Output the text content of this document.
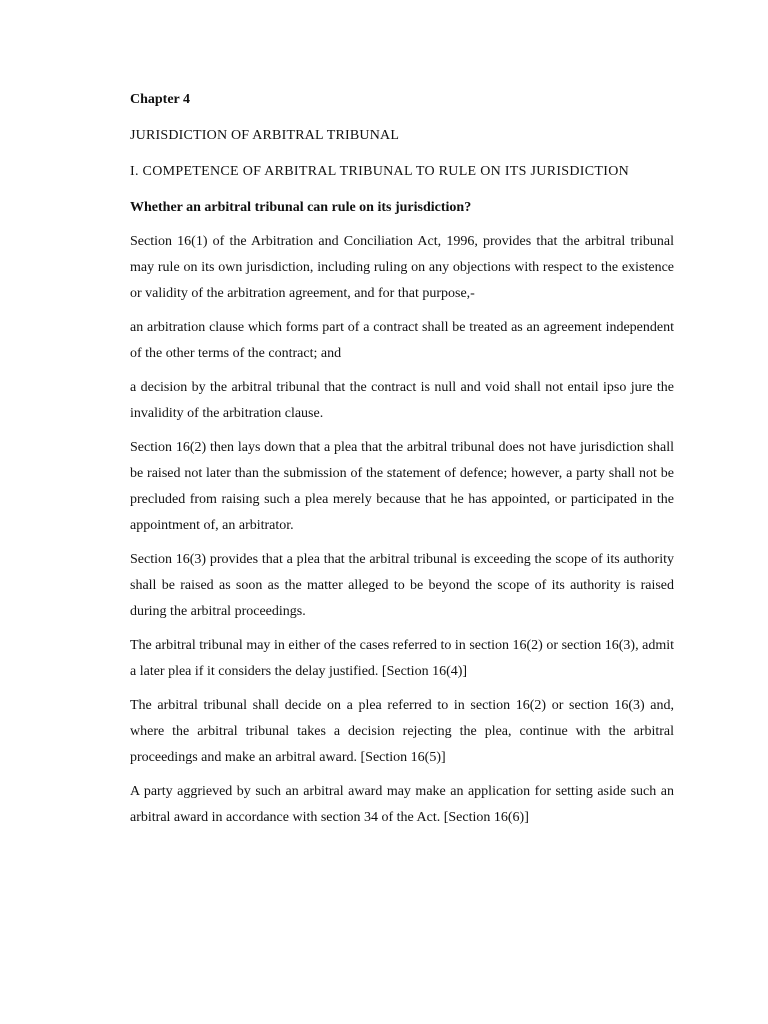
Chapter 4

JURISDICTION OF ARBITRAL TRIBUNAL

I. COMPETENCE OF ARBITRAL TRIBUNAL TO RULE ON ITS JURISDICTION

Whether an arbitral tribunal can rule on its jurisdiction?

Section 16(1) of the Arbitration and Conciliation Act, 1996, provides that the arbitral tribunal may rule on its own jurisdiction, including ruling on any objections with respect to the existence or validity of the arbitration agreement, and for that purpose,-

an arbitration clause which forms part of a contract shall be treated as an agreement independent of the other terms of the contract; and

a decision by the arbitral tribunal that the contract is null and void shall not entail ipso jure the invalidity of the arbitration clause.

Section 16(2) then lays down that a plea that the arbitral tribunal does not have jurisdiction shall be raised not later than the submission of the statement of defence; however, a party shall not be precluded from raising such a plea merely because that he has appointed, or participated in the appointment of, an arbitrator.

Section 16(3) provides that a plea that the arbitral tribunal is exceeding the scope of its authority shall be raised as soon as the matter alleged to be beyond the scope of its authority is raised during the arbitral proceedings.

The arbitral tribunal may in either of the cases referred to in section 16(2) or section 16(3), admit a later plea if it considers the delay justified. [Section 16(4)]

The arbitral tribunal shall decide on a plea referred to in section 16(2) or section 16(3) and, where the arbitral tribunal takes a decision rejecting the plea, continue with the arbitral proceedings and make an arbitral award. [Section 16(5)]

A party aggrieved by such an arbitral award may make an application for setting aside such an arbitral award in accordance with section 34 of the Act. [Section 16(6)]
